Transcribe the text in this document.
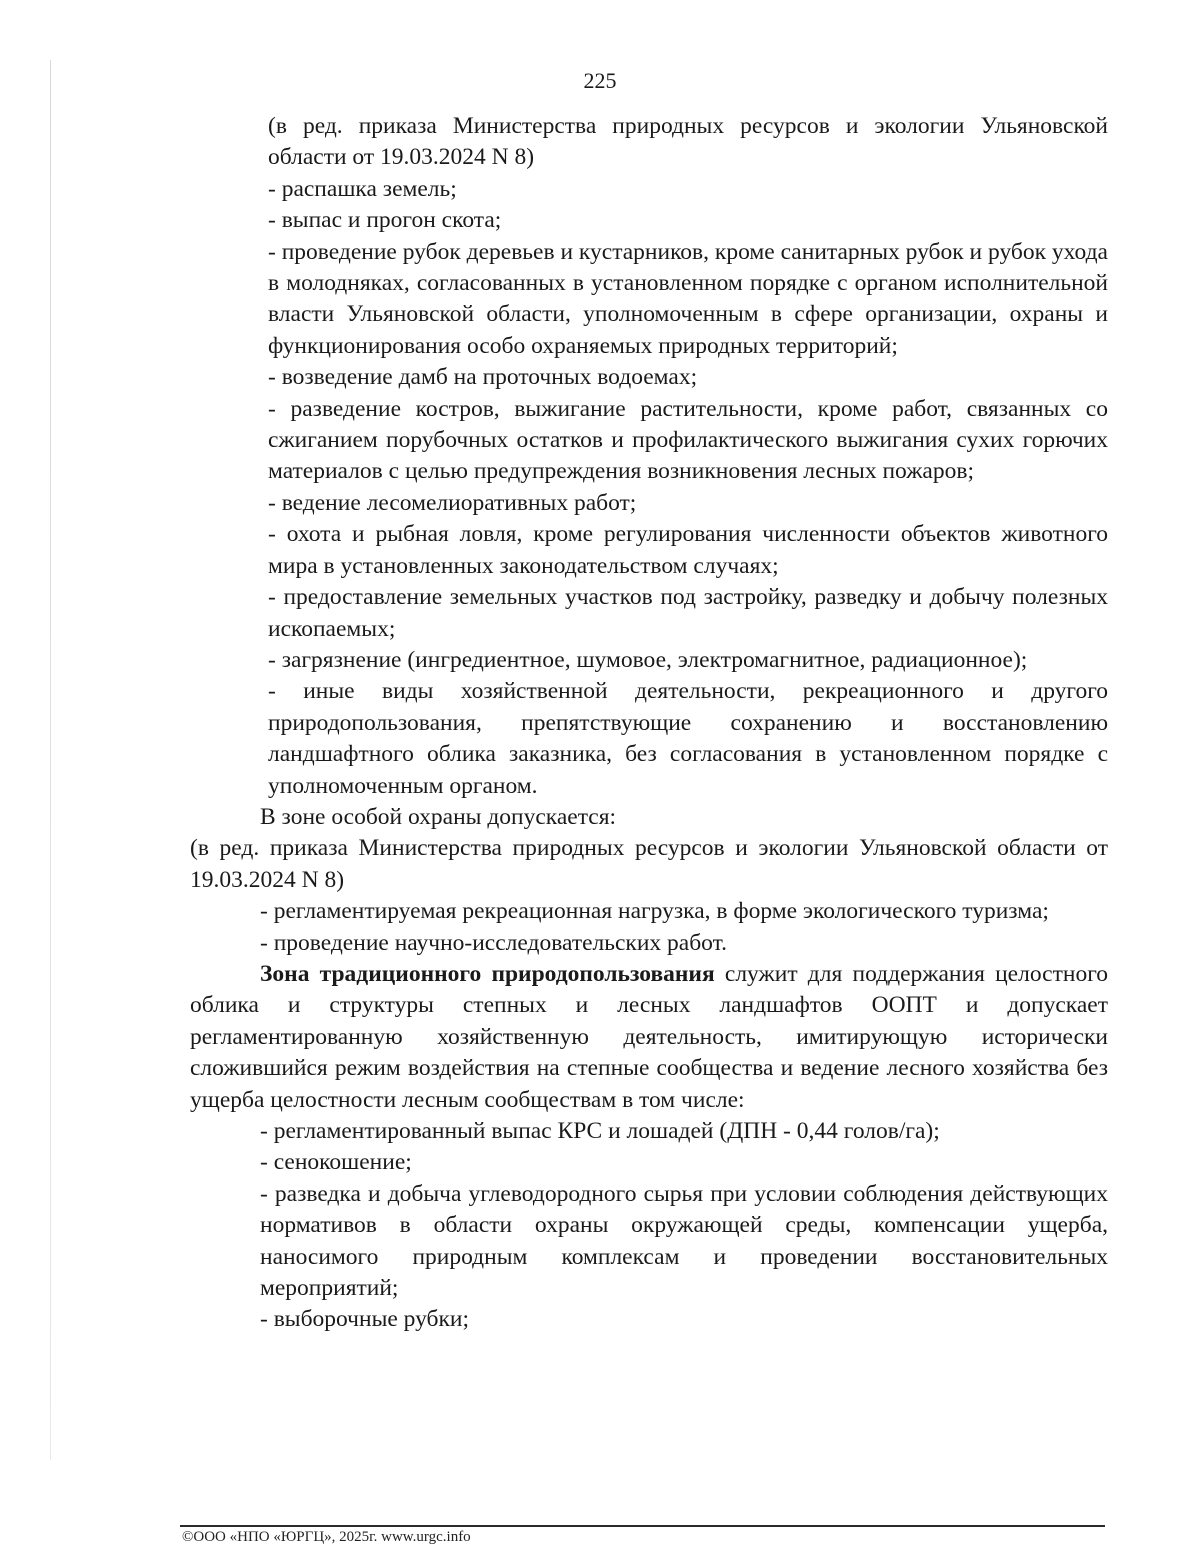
225

(в ред. приказа Министерства природных ресурсов и экологии Ульяновской области от 19.03.2024 N 8)

- распашка земель;

- выпас и прогон скота;

- проведение рубок деревьев и кустарников, кроме санитарных рубок и рубок ухода в молодняках, согласованных в установленном порядке с органом исполнительной власти Ульяновской области, уполномоченным в сфере организации, охраны и функционирования особо охраняемых природных территорий;

- возведение дамб на проточных водоемах;

- разведение костров, выжигание растительности, кроме работ, связанных со сжиганием порубочных остатков и профилактического выжигания сухих горючих материалов с целью предупреждения возникновения лесных пожаров;

- ведение лесомелиоративных работ;

- охота и рыбная ловля, кроме регулирования численности объектов животного мира в установленных законодательством случаях;

- предоставление земельных участков под застройку, разведку и добычу полезных ископаемых;

- загрязнение (ингредиентное, шумовое, электромагнитное, радиационное);

- иные виды хозяйственной деятельности, рекреационного и другого природопользования, препятствующие сохранению и восстановлению ландшафтного облика заказника, без согласования в установленном порядке с уполномоченным органом.

В зоне особой охраны допускается:

(в ред. приказа Министерства природных ресурсов и экологии Ульяновской области от 19.03.2024 N 8)

- регламентируемая рекреационная нагрузка, в форме экологического туризма;

- проведение научно-исследовательских работ.

Зона традиционного природопользования служит для поддержания целостного облика и структуры степных и лесных ландшафтов ООПТ и допускает регламентированную хозяйственную деятельность, имитирующую исторически сложившийся режим воздействия на степные сообщества и ведение лесного хозяйства без ущерба целостности лесным сообществам в том числе:

- регламентированный выпас КРС и лошадей (ДПН - 0,44 голов/га);

- сенокошение;

- разведка и добыча углеводородного сырья при условии соблюдения действующих нормативов в области охраны окружающей среды, компенсации ущерба, наносимого природным комплексам и проведении восстановительных мероприятий;

- выборочные рубки;

©ООО «НПО «ЮРГЦ», 2025г. www.urgc.info
